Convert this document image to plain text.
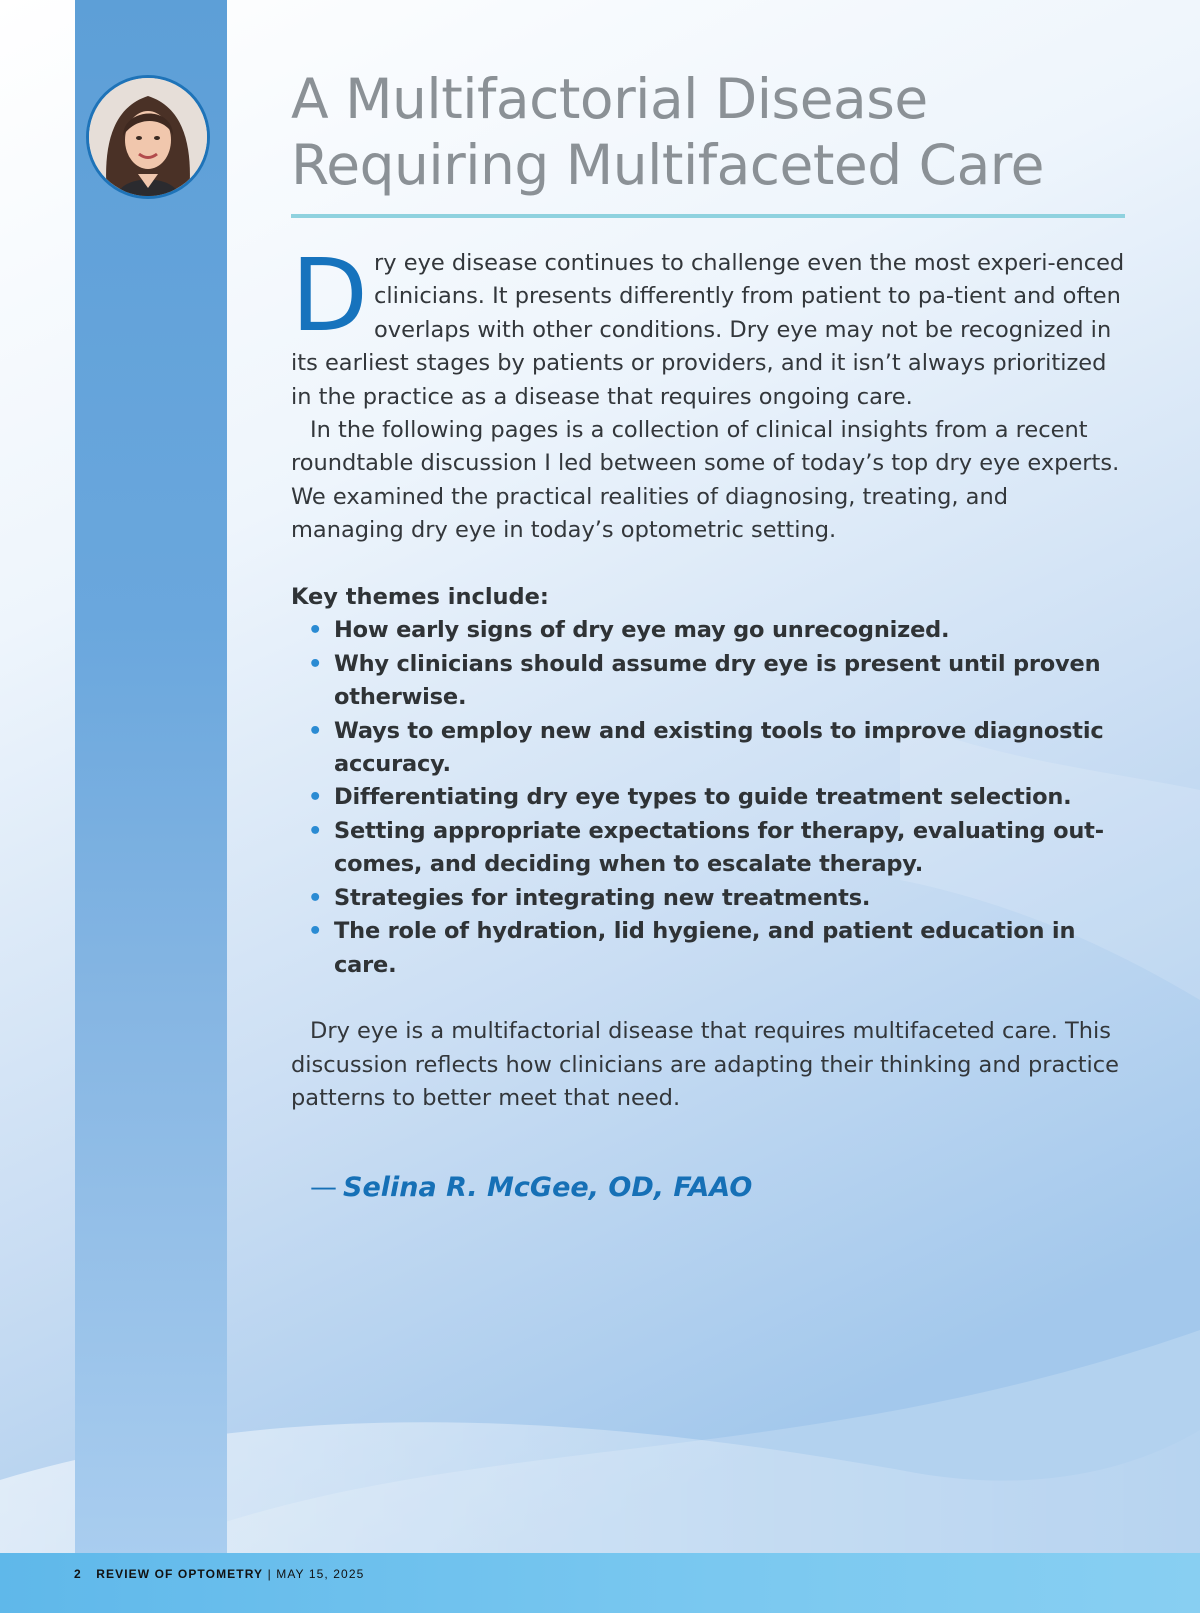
A Multifactorial Disease
Requiring Multifaceted Care

Dry eye disease continues to challenge even the most experi-enced clinicians. It presents differently from patient to pa-tient and often overlaps with other conditions. Dry eye may not be recognized in its earliest stages by patients or providers, and it isn’t always prioritized in the practice as a disease that requires ongoing care.

In the following pages is a collection of clinical insights from a recent roundtable discussion I led between some of today’s top dry eye experts. We examined the practical realities of diagnosing, treating, and managing dry eye in today’s optometric setting.

Key themes include:

• How early signs of dry eye may go unrecognized.
• Why clinicians should assume dry eye is present until proven otherwise.
• Ways to employ new and existing tools to improve diagnostic accuracy.
• Differentiating dry eye types to guide treatment selection.
• Setting appropriate expectations for therapy, evaluating out-comes, and deciding when to escalate therapy.
• Strategies for integrating new treatments.
• The role of hydration, lid hygiene, and patient education in care.

Dry eye is a multifactorial disease that requires multifaceted care. This discussion reflects how clinicians are adapting their thinking and practice patterns to better meet that need.

— Selina R. McGee, OD, FAAO
2 REVIEW OF OPTOMETRY | MAY 15, 2025
